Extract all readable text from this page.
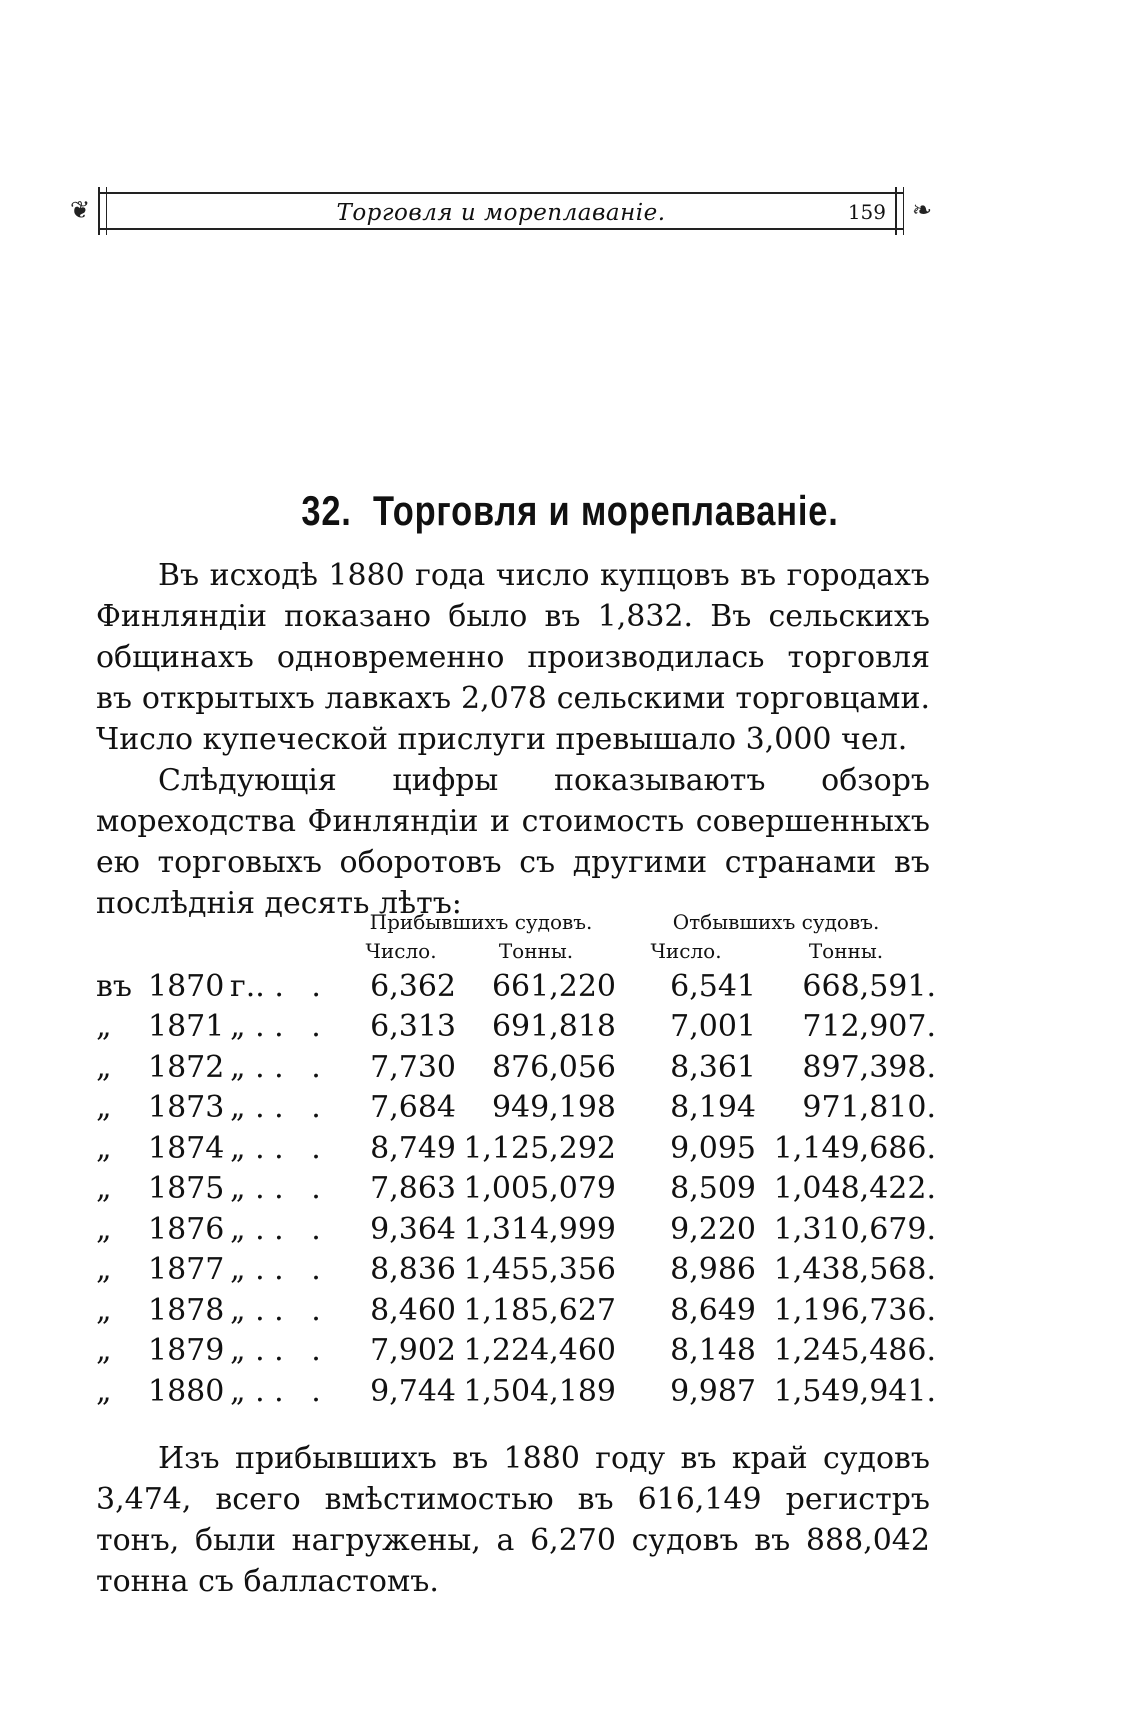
❦	Торговля и мореплаваніе.	159 ❧
32. Торговля и мореплаваніе.

Въ исходѣ 1880 года число купцовъ въ городахъ Финляндіи показано было въ 1,832. Въ сельскихъ общинахъ одновременно производилась торговля въ открытыхъ лавкахъ 2,078 сельскими торговцами. Число купеческой прислуги превышало 3,000 чел.

Слѣдующія цифры показываютъ обзоръ мореходства Финляндіи и стоимость совершенныхъ ею торговыхъ оборотовъ съ другими странами въ послѣднія десять лѣтъ:

	Прибывшихъ судовъ.		Отбывшихъ судовъ.	
	Число.	Тонны.	Число.	Тонны.
въ 1870 г.. . .	6,362	661,220	6,541	668,591.
„ 1871 „ . . .	6,313	691,818	7,001	712,907.
„ 1872 „ . . .	7,730	876,056	8,361	897,398.
„ 1873 „ . . .	7,684	949,198	8,194	971,810.
„ 1874 „ . . .	8,749	1,125,292	9,095	1,149,686.
„ 1875 „ . . .	7,863	1,005,079	8,509	1,048,422.
„ 1876 „ . . .	9,364	1,314,999	9,220	1,310,679.
„ 1877 „ . . .	8,836	1,455,356	8,986	1,438,568.
„ 1878 „ . . .	8,460	1,185,627	8,649	1,196,736.
„ 1879 „ . . .	7,902	1,224,460	8,148	1,245,486.
„ 1880 „ . . .	9,744	1,504,189	9,987	1,549,941.

Изъ прибывшихъ въ 1880 году въ край судовъ 3,474, всего вмѣстимостью въ 616,149 регистръ тонъ, были нагружены, а 6,270 судовъ въ 888,042 тонна съ балластомъ.
